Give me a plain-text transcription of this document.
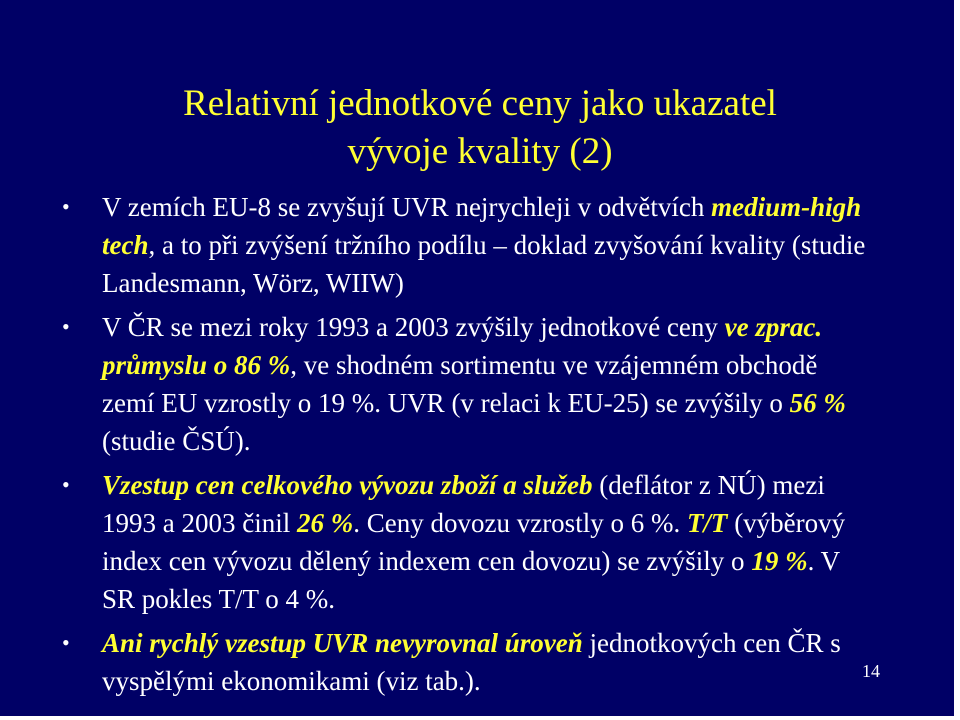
Relativní jednotkové ceny jako ukazatel
vývoje kvality (2)
• V zemích EU-8 se zvyšují UVR nejrychleji v odvětvích medium-high tech, a to při zvýšení tržního podílu – doklad zvyšování kvality (studie Landesmann, Wörz, WIIW)
• V ČR se mezi roky 1993 a 2003 zvýšily jednotkové ceny ve zprac. průmyslu o 86 %, ve shodném sortimentu ve vzájemném obchodě zemí EU vzrostly o 19 %. UVR (v relaci k EU-25) se zvýšily o 56 % (studie ČSÚ).
• Vzestup cen celkového vývozu zboží a služeb (deflátor z NÚ) mezi 1993 a 2003 činil 26 %. Ceny dovozu vzrostly o 6 %. T/T (výběrový index cen vývozu dělený indexem cen dovozu) se zvýšily o 19 %. V SR pokles T/T o 4 %.
• Ani rychlý vzestup UVR nevyrovnal úroveň jednotkových cen ČR s vyspělými ekonomikami (viz tab.).	14
